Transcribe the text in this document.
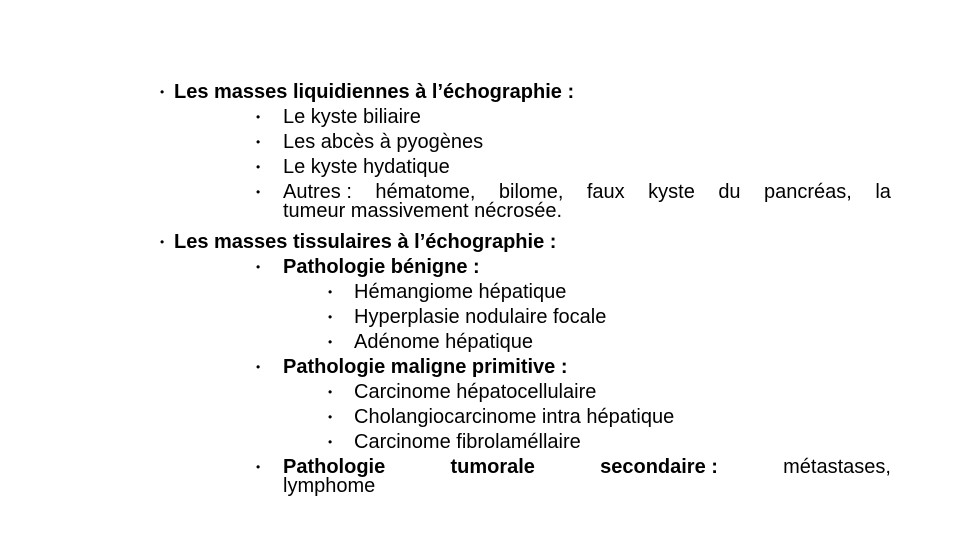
• Les masses liquidiennes à l’échographie :
• Le kyste biliaire
• Les abcès à pyogènes
• Le kyste hydatique
• Autres : hématome, bilome, faux kyste du pancréas, la
tumeur massivement nécrosée.
• Les masses tissulaires à l’échographie :
• Pathologie bénigne :
• Hémangiome hépatique
• Hyperplasie nodulaire focale
• Adénome hépatique
• Pathologie maligne primitive :
• Carcinome hépatocellulaire
• Cholangiocarcinome intra hépatique
• Carcinome fibrolaméllaire
• Pathologie	tumorale	secondaire :	métastases,
lymphome
